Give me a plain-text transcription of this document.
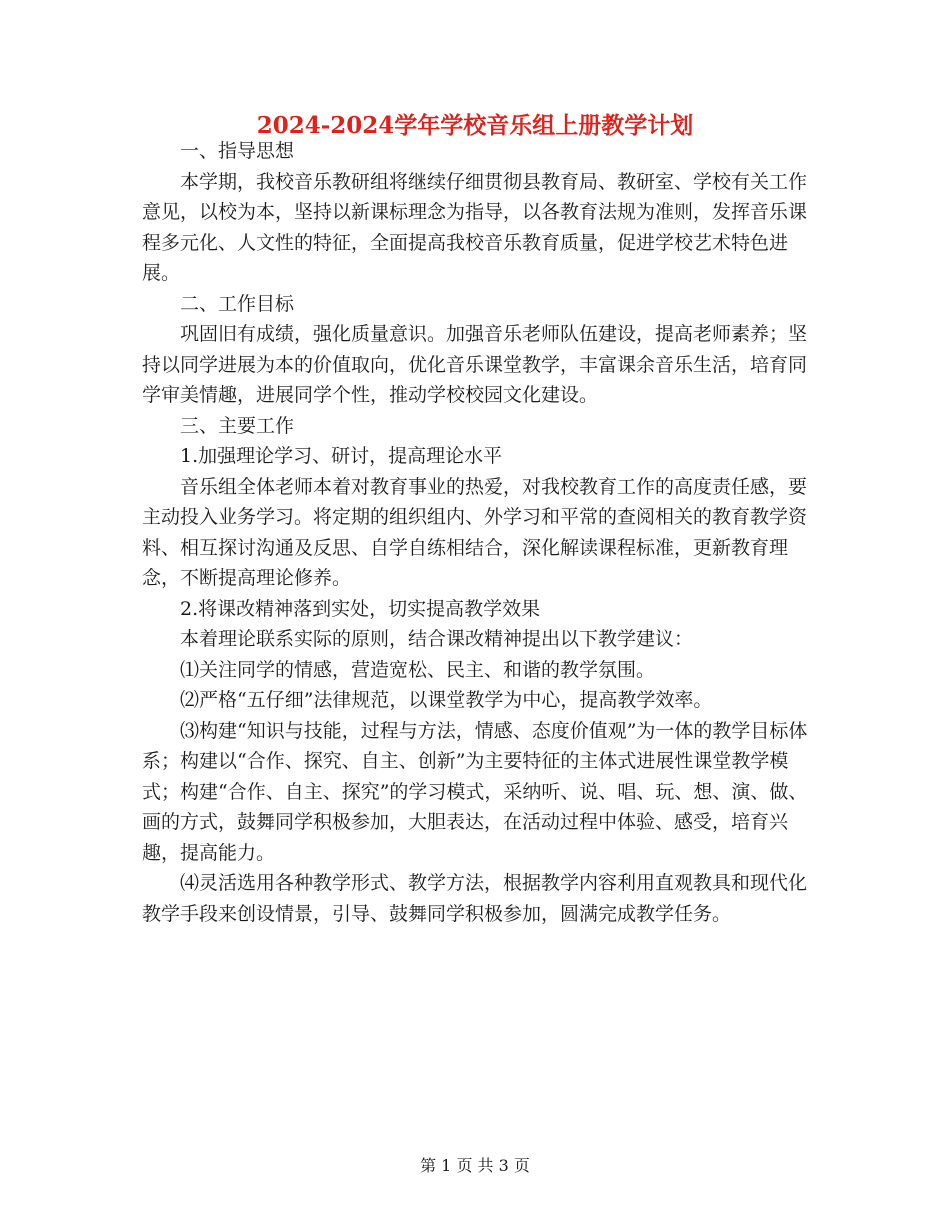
2024-2024学年学校音乐组上册教学计划

一、指导思想

本学期，我校音乐教研组将继续仔细贯彻县教育局、教研室、学校有关工作意见，以校为本，坚持以新课标理念为指导，以各教育法规为准则，发挥音乐课程多元化、人文性的特征，全面提高我校音乐教育质量，促进学校艺术特色进展。

二、工作目标

巩固旧有成绩，强化质量意识。加强音乐老师队伍建设，提高老师素养；坚持以同学进展为本的价值取向，优化音乐课堂教学，丰富课余音乐生活，培育同学审美情趣，进展同学个性，推动学校校园文化建设。

三、主要工作

1.加强理论学习、研讨，提高理论水平

音乐组全体老师本着对教育事业的热爱，对我校教育工作的高度责任感，要主动投入业务学习。将定期的组织组内、外学习和平常的查阅相关的教育教学资料、相互探讨沟通及反思、自学自练相结合，深化解读课程标准，更新教育理念，不断提高理论修养。

2.将课改精神落到实处，切实提高教学效果

本着理论联系实际的原则，结合课改精神提出以下教学建议：

⑴关注同学的情感，营造宽松、民主、和谐的教学氛围。

⑵严格“五仔细”法律规范，以课堂教学为中心，提高教学效率。

⑶构建“知识与技能，过程与方法，情感、态度价值观”为一体的教学目标体系；构建以“合作、探究、自主、创新”为主要特征的主体式进展性课堂教学模式；构建“合作、自主、探究”的学习模式，采纳听、说、唱、玩、想、演、做、画的方式，鼓舞同学积极参加，大胆表达，在活动过程中体验、感受，培育兴趣，提高能力。

⑷灵活选用各种教学形式、教学方法，根据教学内容利用直观教具和现代化教学手段来创设情景，引导、鼓舞同学积极参加，圆满完成教学任务。

第 1 页 共 3 页
